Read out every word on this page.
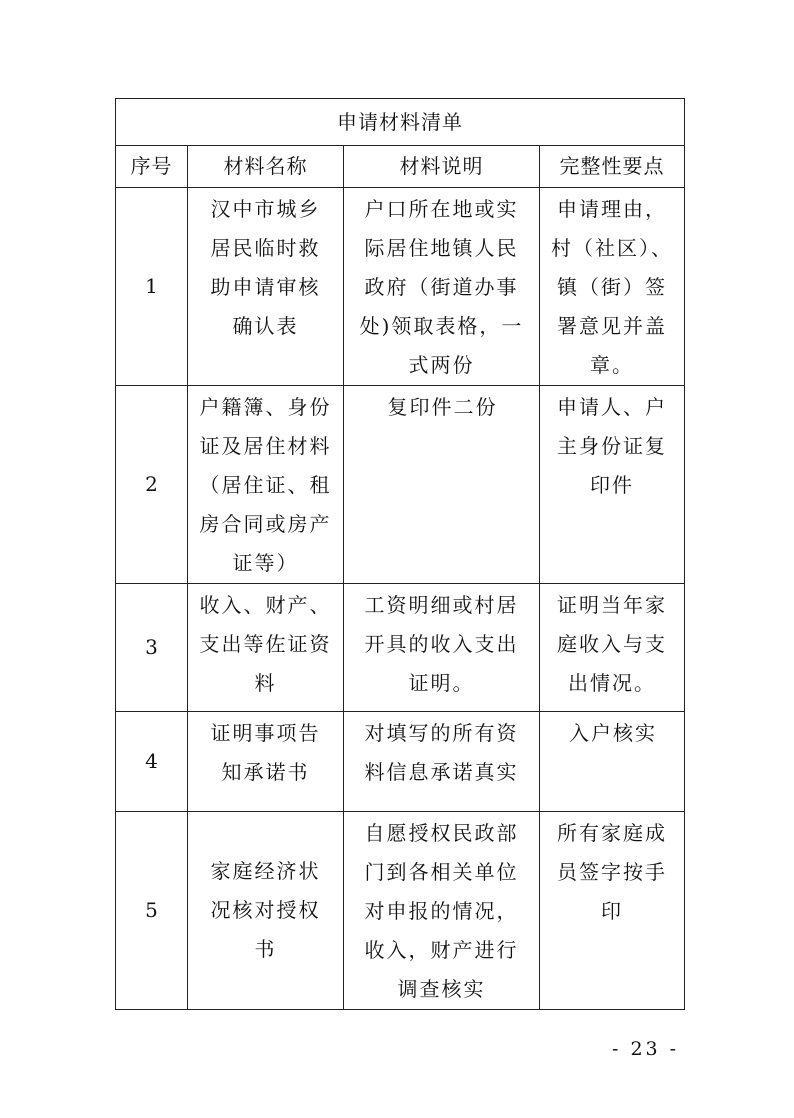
申请材料清单			
序号	材料名称	材料说明	完整性要点
1	汉中市城乡居民临时救助申请审核确认表	户口所在地或实际居住地镇人民政府（街道办事处)领取表格，一式两份	申请理由，村（社区）、镇（街）签署意见并盖章。

2	户籍簿、身份证及居住材料（居住证、租房合同或房产证等）	复印件二份	申请人、户主身份证复印件

3	收入、财产、支出等佐证资料	工资明细或村居开具的收入支出证明。	证明当年家庭收入与支出情况。

4	证明事项告知承诺书	对填写的所有资料信息承诺真实	入户核实

5	家庭经济状况核对授权书	自愿授权民政部门到各相关单位对申报的情况，收入，财产进行调查核实	所有家庭成员签字按手印
- 23 -
